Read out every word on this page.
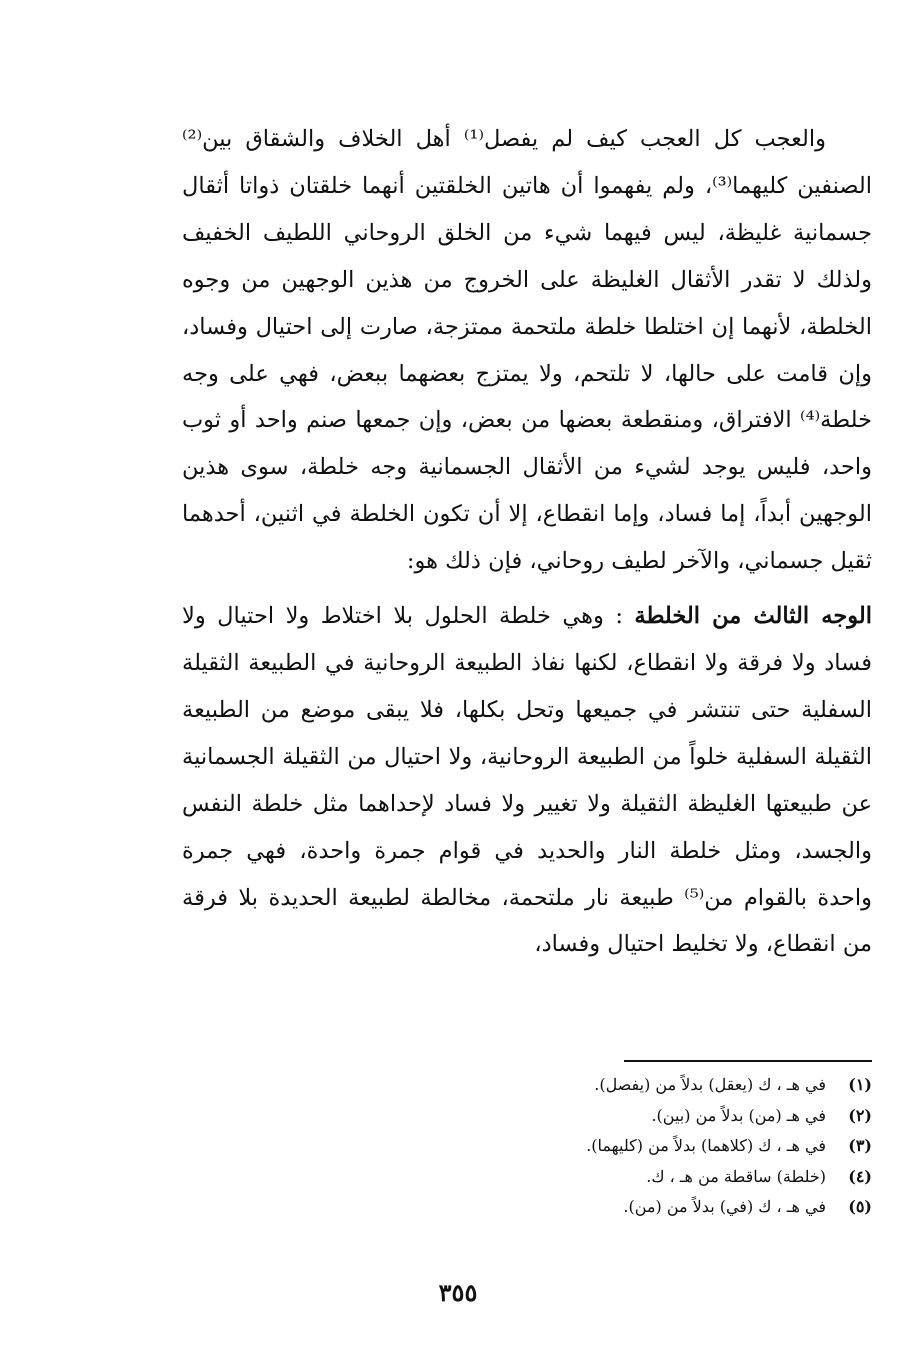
والعجب كل العجب كيف لم يفصل⁽¹⁾ أهل الخلاف والشقاق بين⁽²⁾ الصنفين كليهما⁽³⁾، ولم يفهموا أن هاتين الخلقتين أنهما خلقتان ذواتا أثقال جسمانية غليظة، ليس فيهما شيء من الخلق الروحاني اللطيف الخفيف ولذلك لا تقدر الأثقال الغليظة على الخروج من هذين الوجهين من وجوه الخلطة، لأنهما إن اختلطا خلطة ملتحمة ممتزجة، صارت إلى احتيال وفساد، وإن قامت على حالها، لا تلتحم، ولا يمتزج بعضهما ببعض، فهي على وجه خلطة⁽⁴⁾ الافتراق، ومنقطعة بعضها من بعض، وإن جمعها صنم واحد أو ثوب واحد، فليس يوجد لشيء من الأثقال الجسمانية وجه خلطة، سوى هذين الوجهين أبداً، إما فساد، وإما انقطاع، إلا أن تكون الخلطة في اثنين، أحدهما ثقيل جسماني، والآخر لطيف روحاني، فإن ذلك هو:

الوجه الثالث من الخلطة : وهي خلطة الحلول بلا اختلاط ولا احتيال ولا فساد ولا فرقة ولا انقطاع، لكنها نفاذ الطبيعة الروحانية في الطبيعة الثقيلة السفلية حتى تنتشر في جميعها وتحل بكلها، فلا يبقى موضع من الطبيعة الثقيلة السفلية خلواً من الطبيعة الروحانية، ولا احتيال من الثقيلة الجسمانية عن طبيعتها الغليظة الثقيلة ولا تغيير ولا فساد لإحداهما مثل خلطة النفس والجسد، ومثل خلطة النار والحديد في قوام جمرة واحدة، فهي جمرة واحدة بالقوام من⁽⁵⁾ طبيعة نار ملتحمة، مخالطة لطبيعة الحديدة بلا فرقة من انقطاع، ولا تخليط احتيال وفساد،

(١)
في هـ ، ك (يعقل) بدلاً من (يفصل).
(٢)
في هـ (من) بدلاً من (بين).
(٣)
في هـ ، ك (كلاهما) بدلاً من (كليهما).
(٤)
(خلطة) ساقطة من هـ ، ك.
(٥)
في هـ ، ك (في) بدلاً من (من).
٣٥٥
